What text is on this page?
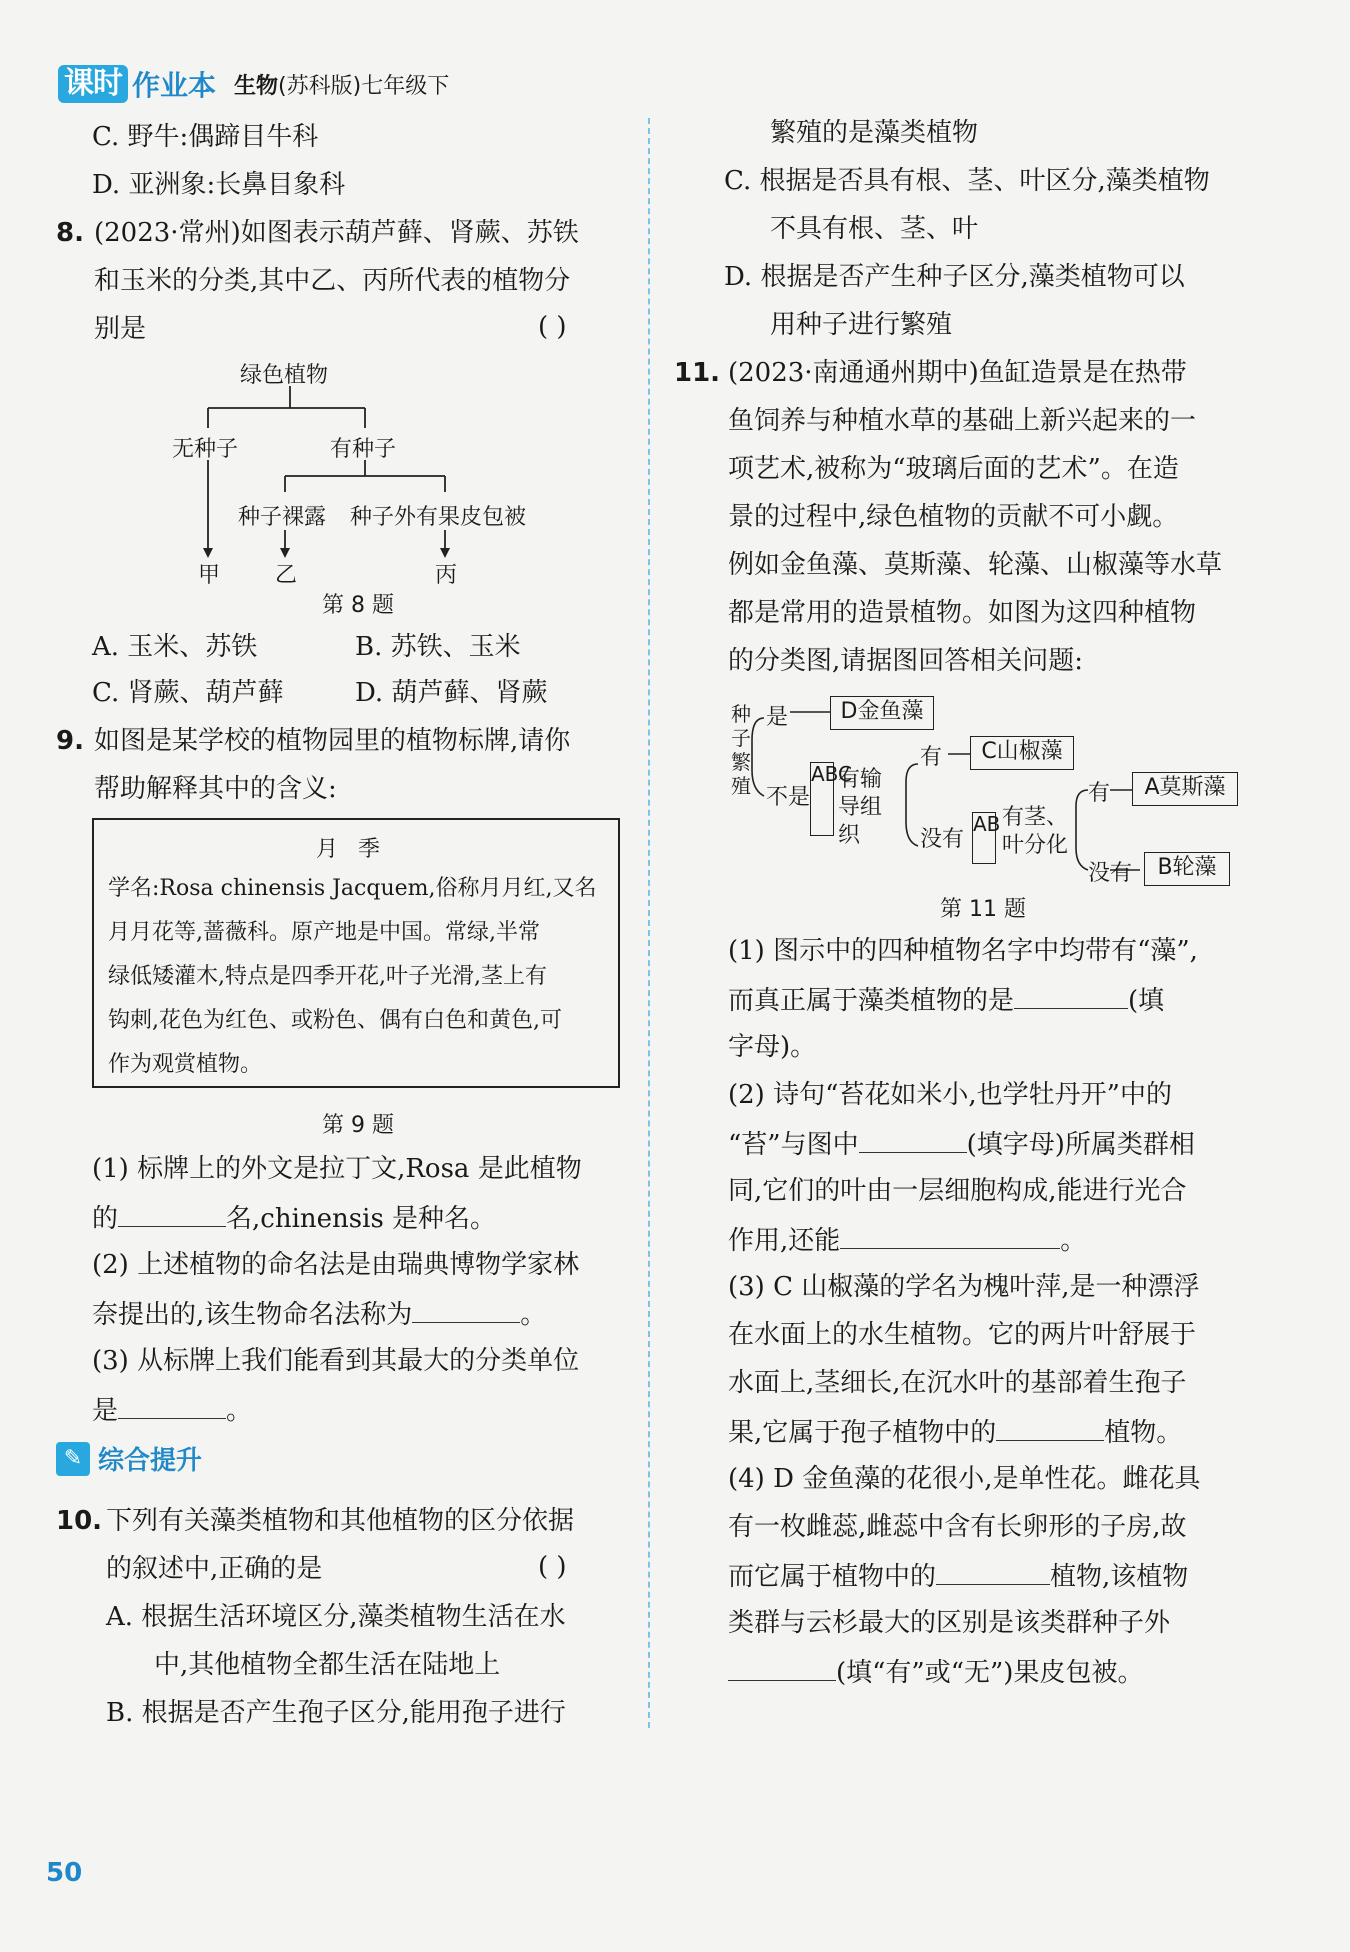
课时 作业本 生物 (苏科版)七年级下
C. 野牛:偶蹄目牛科
D. 亚洲象:长鼻目象科
8. (2023·常州)如图表示葫芦藓、肾蕨、苏铁
和玉米的分类,其中乙、丙所代表的植物分
别是	( )
绿色植物
无种子	有种子
种子裸露 种子外有果皮包被
甲 乙	丙
第 8 题
A. 玉米、苏铁	B. 苏铁、玉米
C. 肾蕨、葫芦藓	D. 葫芦藓、肾蕨
9. 如图是某学校的植物园里的植物标牌,请你
帮助解释其中的含义:
月季
学名:Rosa chinensis Jacquem,俗称月月红,又名
月月花等,蔷薇科。原产地是中国。常绿,半常
绿低矮灌木,特点是四季开花,叶子光滑,茎上有
钩刺,花色为红色、或粉色、偶有白色和黄色,可
作为观赏植物。
第 9 题
(1) 标牌上的外文是拉丁文,Rosa 是此植物
的	名,chinensis 是种名。
(2) 上述植物的命名法是由瑞典博物学家林
奈提出的,该生物命名法称为	。
(3) 从标牌上我们能看到其最大的分类单位
是	。
✎ 综合提升
10. 下列有关藻类植物和其他植物的区分依据
的叙述中,正确的是	( )
A. 根据生活环境区分,藻类植物生活在水
中,其他植物全都生活在陆地上
B. 根据是否产生孢子区分,能用孢子进行
繁殖的是藻类植物
C. 根据是否具有根、茎、叶区分,藻类植物
不具有根、茎、叶
D. 根据是否产生种子区分,藻类植物可以
用种子进行繁殖
11. (2023·南通通州期中)鱼缸造景是在热带
鱼饲养与种植水草的基础上新兴起来的一
项艺术,被称为“玻璃后面的艺术”。在造
景的过程中,绿色植物的贡献不可小觑。
例如金鱼藻、莫斯藻、轮藻、山椒藻等水草
都是常用的造景植物。如图为这四种植物
的分类图,请据图回答相关问题:
种子繁殖
是	D金鱼藻
不是
ABC
有输导组织
有	C山椒藻
没有
AB 有茎、叶分化
有	A莫斯藻
没有	B轮藻
第 11 题
(1) 图示中的四种植物名字中均带有“藻”,
而真正属于藻类植物的是	(填
字母)。
(2) 诗句“苔花如米小,也学牡丹开”中的
“苔”与图中	(填字母)所属类群相
同,它们的叶由一层细胞构成,能进行光合
作用,还能	。
(3) C 山椒藻的学名为槐叶萍,是一种漂浮
在水面上的水生植物。它的两片叶舒展于
水面上,茎细长,在沉水叶的基部着生孢子
果,它属于孢子植物中的	植物。
(4) D 金鱼藻的花很小,是单性花。雌花具
有一枚雌蕊,雌蕊中含有长卵形的子房,故
而它属于植物中的	植物,该植物
类群与云杉最大的区别是该类群种子外
(填“有”或“无”)果皮包被。
50
